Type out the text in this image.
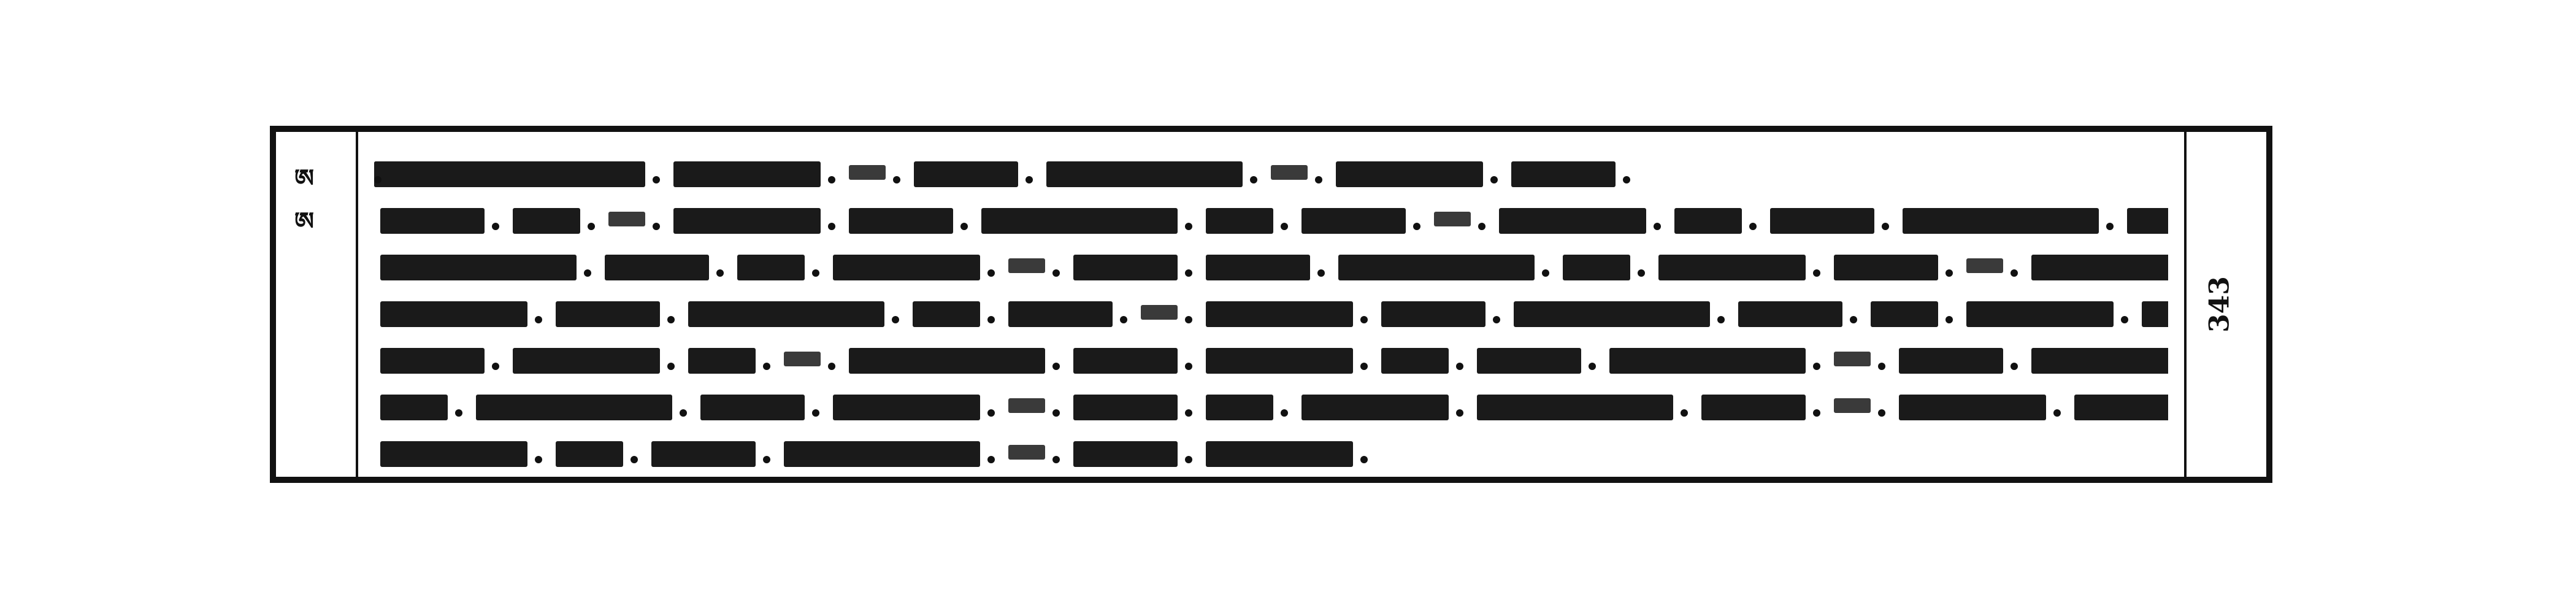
ཨ
ཨ
343
